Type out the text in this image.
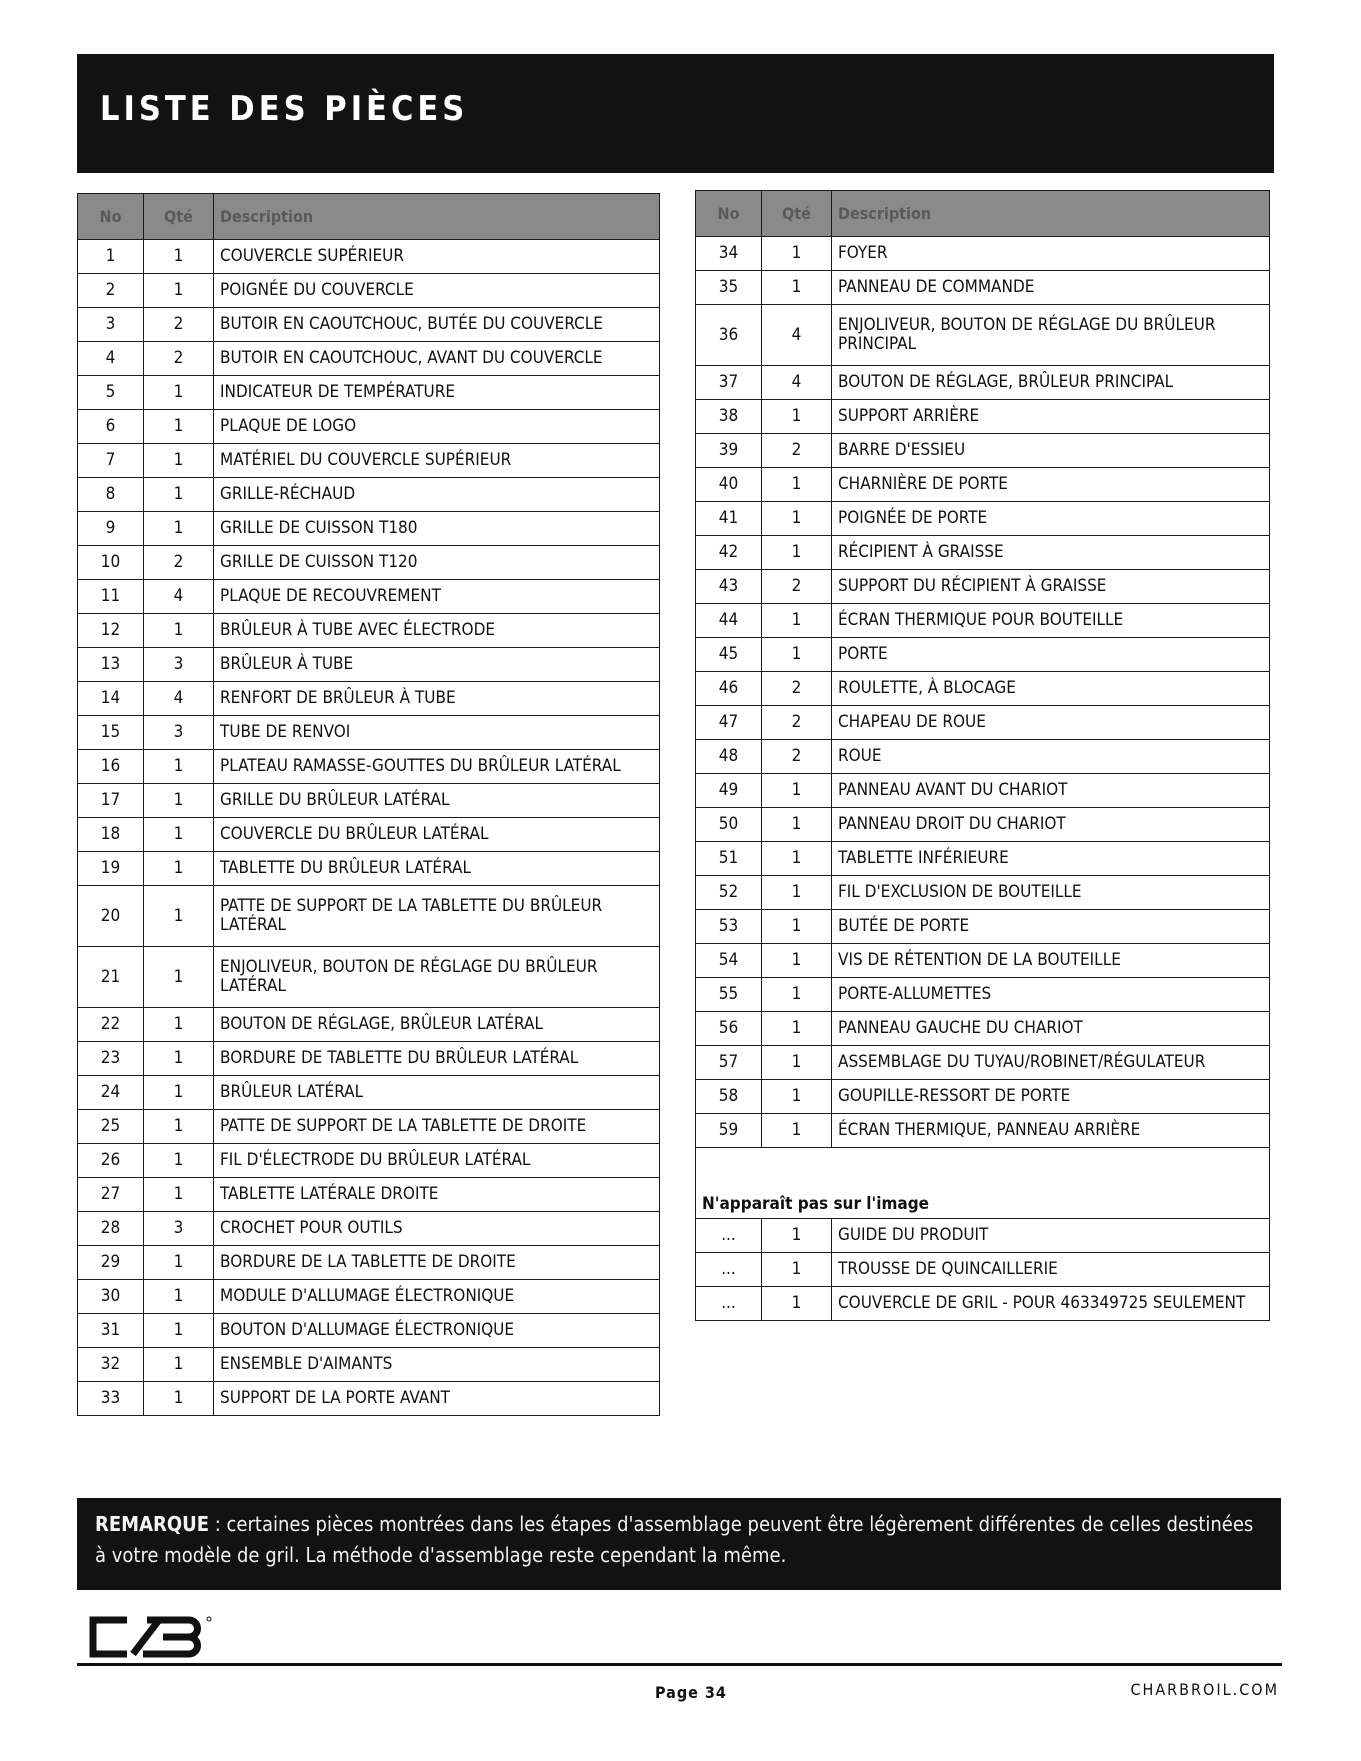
LISTE DES PIÈCES
No	Qté	Description
1	1	COUVERCLE SUPÉRIEUR
2	1	POIGNÉE DU COUVERCLE
3	2	BUTOIR EN CAOUTCHOUC, BUTÉE DU COUVERCLE
4	2	BUTOIR EN CAOUTCHOUC, AVANT DU COUVERCLE
5	1	INDICATEUR DE TEMPÉRATURE
6	1	PLAQUE DE LOGO
7	1	MATÉRIEL DU COUVERCLE SUPÉRIEUR
8	1	GRILLE-RÉCHAUD
9	1	GRILLE DE CUISSON T180
10	2	GRILLE DE CUISSON T120
11	4	PLAQUE DE RECOUVREMENT
12	1	BRÛLEUR À TUBE AVEC ÉLECTRODE
13	3	BRÛLEUR À TUBE
14	4	RENFORT DE BRÛLEUR À TUBE
15	3	TUBE DE RENVOI
16	1	PLATEAU RAMASSE-GOUTTES DU BRÛLEUR LATÉRAL
17	1	GRILLE DU BRÛLEUR LATÉRAL
18	1	COUVERCLE DU BRÛLEUR LATÉRAL
19	1	TABLETTE DU BRÛLEUR LATÉRAL
20	1	PATTE DE SUPPORT DE LA TABLETTE DU BRÛLEUR LATÉRAL
21	1	ENJOLIVEUR, BOUTON DE RÉGLAGE DU BRÛLEUR LATÉRAL
22	1	BOUTON DE RÉGLAGE, BRÛLEUR LATÉRAL
23	1	BORDURE DE TABLETTE DU BRÛLEUR LATÉRAL
24	1	BRÛLEUR LATÉRAL
25	1	PATTE DE SUPPORT DE LA TABLETTE DE DROITE
26	1	FIL D'ÉLECTRODE DU BRÛLEUR LATÉRAL
27	1	TABLETTE LATÉRALE DROITE
28	3	CROCHET POUR OUTILS
29	1	BORDURE DE LA TABLETTE DE DROITE
30	1	MODULE D'ALLUMAGE ÉLECTRONIQUE
31	1	BOUTON D'ALLUMAGE ÉLECTRONIQUE
32	1	ENSEMBLE D'AIMANTS
33	1	SUPPORT DE LA PORTE AVANT
No	Qté	Description
34	1	FOYER
35	1	PANNEAU DE COMMANDE
36	4	ENJOLIVEUR, BOUTON DE RÉGLAGE DU BRÛLEUR PRINCIPAL
37	4	BOUTON DE RÉGLAGE, BRÛLEUR PRINCIPAL
38	1	SUPPORT ARRIÈRE
39	2	BARRE D'ESSIEU
40	1	CHARNIÈRE DE PORTE
41	1	POIGNÉE DE PORTE
42	1	RÉCIPIENT À GRAISSE
43	2	SUPPORT DU RÉCIPIENT À GRAISSE
44	1	ÉCRAN THERMIQUE POUR BOUTEILLE
45	1	PORTE
46	2	ROULETTE, À BLOCAGE
47	2	CHAPEAU DE ROUE
48	2	ROUE
49	1	PANNEAU AVANT DU CHARIOT
50	1	PANNEAU DROIT DU CHARIOT
51	1	TABLETTE INFÉRIEURE
52	1	FIL D'EXCLUSION DE BOUTEILLE
53	1	BUTÉE DE PORTE
54	1	VIS DE RÉTENTION DE LA BOUTEILLE
55	1	PORTE-ALLUMETTES
56	1	PANNEAU GAUCHE DU CHARIOT
57	1	ASSEMBLAGE DU TUYAU/ROBINET/RÉGULATEUR
58	1	GOUPILLE-RESSORT DE PORTE
59	1	ÉCRAN THERMIQUE, PANNEAU ARRIÈRE
N'apparaît pas sur l'image		
...	1	GUIDE DU PRODUIT
...	1	TROUSSE DE QUINCAILLERIE
...	1	COUVERCLE DE GRIL - POUR 463349725 SEULEMENT
REMARQUE : certaines pièces montrées dans les étapes d'assemblage peuvent être légèrement différentes de celles destinées à votre modèle de gril. La méthode d'assemblage reste cependant la même.
Page 34	CHARBROIL.COM
